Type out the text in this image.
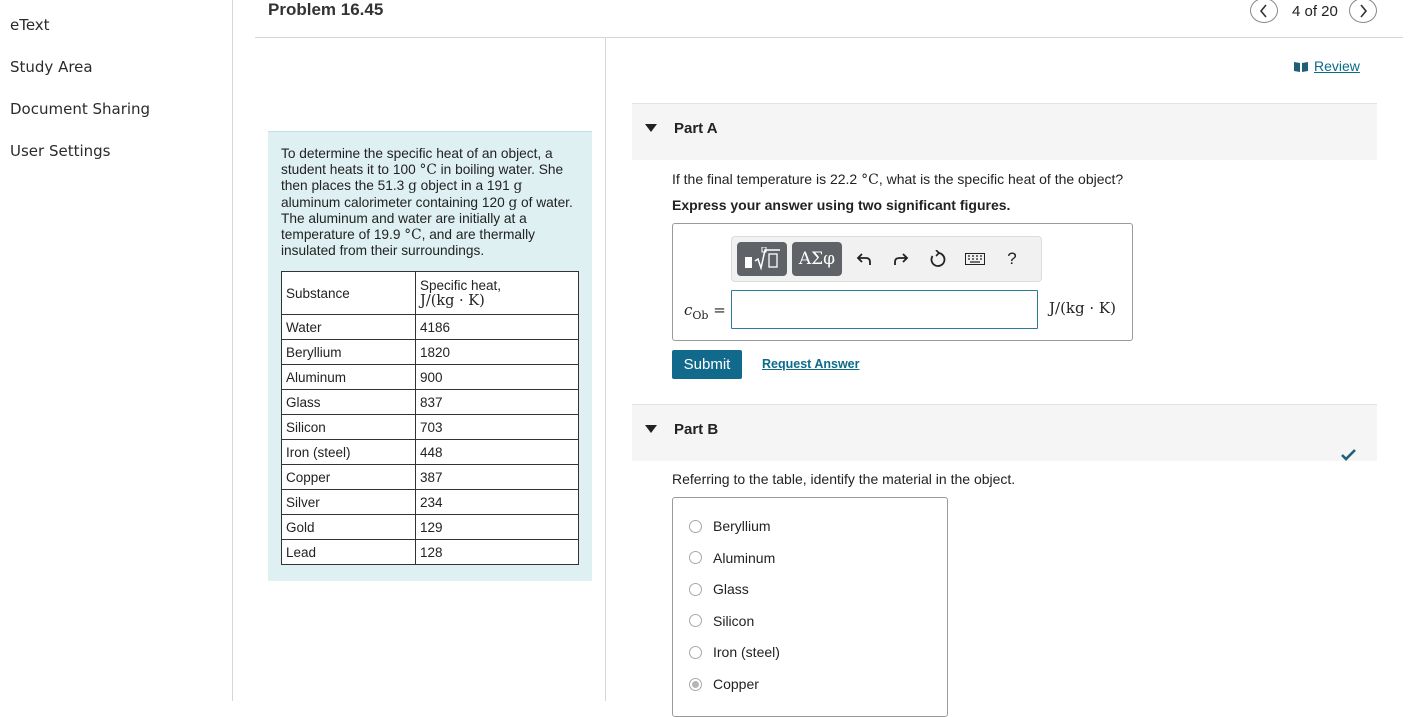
eText
Study Area
Document Sharing
User Settings
Problem 16.45	4 of 20
To determine the specific heat of an object, a student heats it to 100 °C in boiling water. She then places the 51.3 g object in a 191 g aluminum calorimeter containing 120 g of water. The aluminum and water are initially at a temperature of 19.9 °C, and are thermally insulated from their surroundings.
Substance	Specific heat,
J/(kg · K)

Water	4186
Beryllium	1820
Aluminum	900
Glass	837
Silicon	703
Iron (steel)	448
Copper	387
Silver	234
Gold	129
Lead	128
Review
Part A
If the final temperature is 22.2 °C, what is the specific heat of the object?
Express your answer using two significant figures.
ΑΣφ	?
$c_{Ob}$ =	J/(kg · K)
Submit	Request Answer
Part B
Referring to the table, identify the material in the object.
Beryllium
Aluminum
Glass
Silicon
Iron (steel)
Copper
